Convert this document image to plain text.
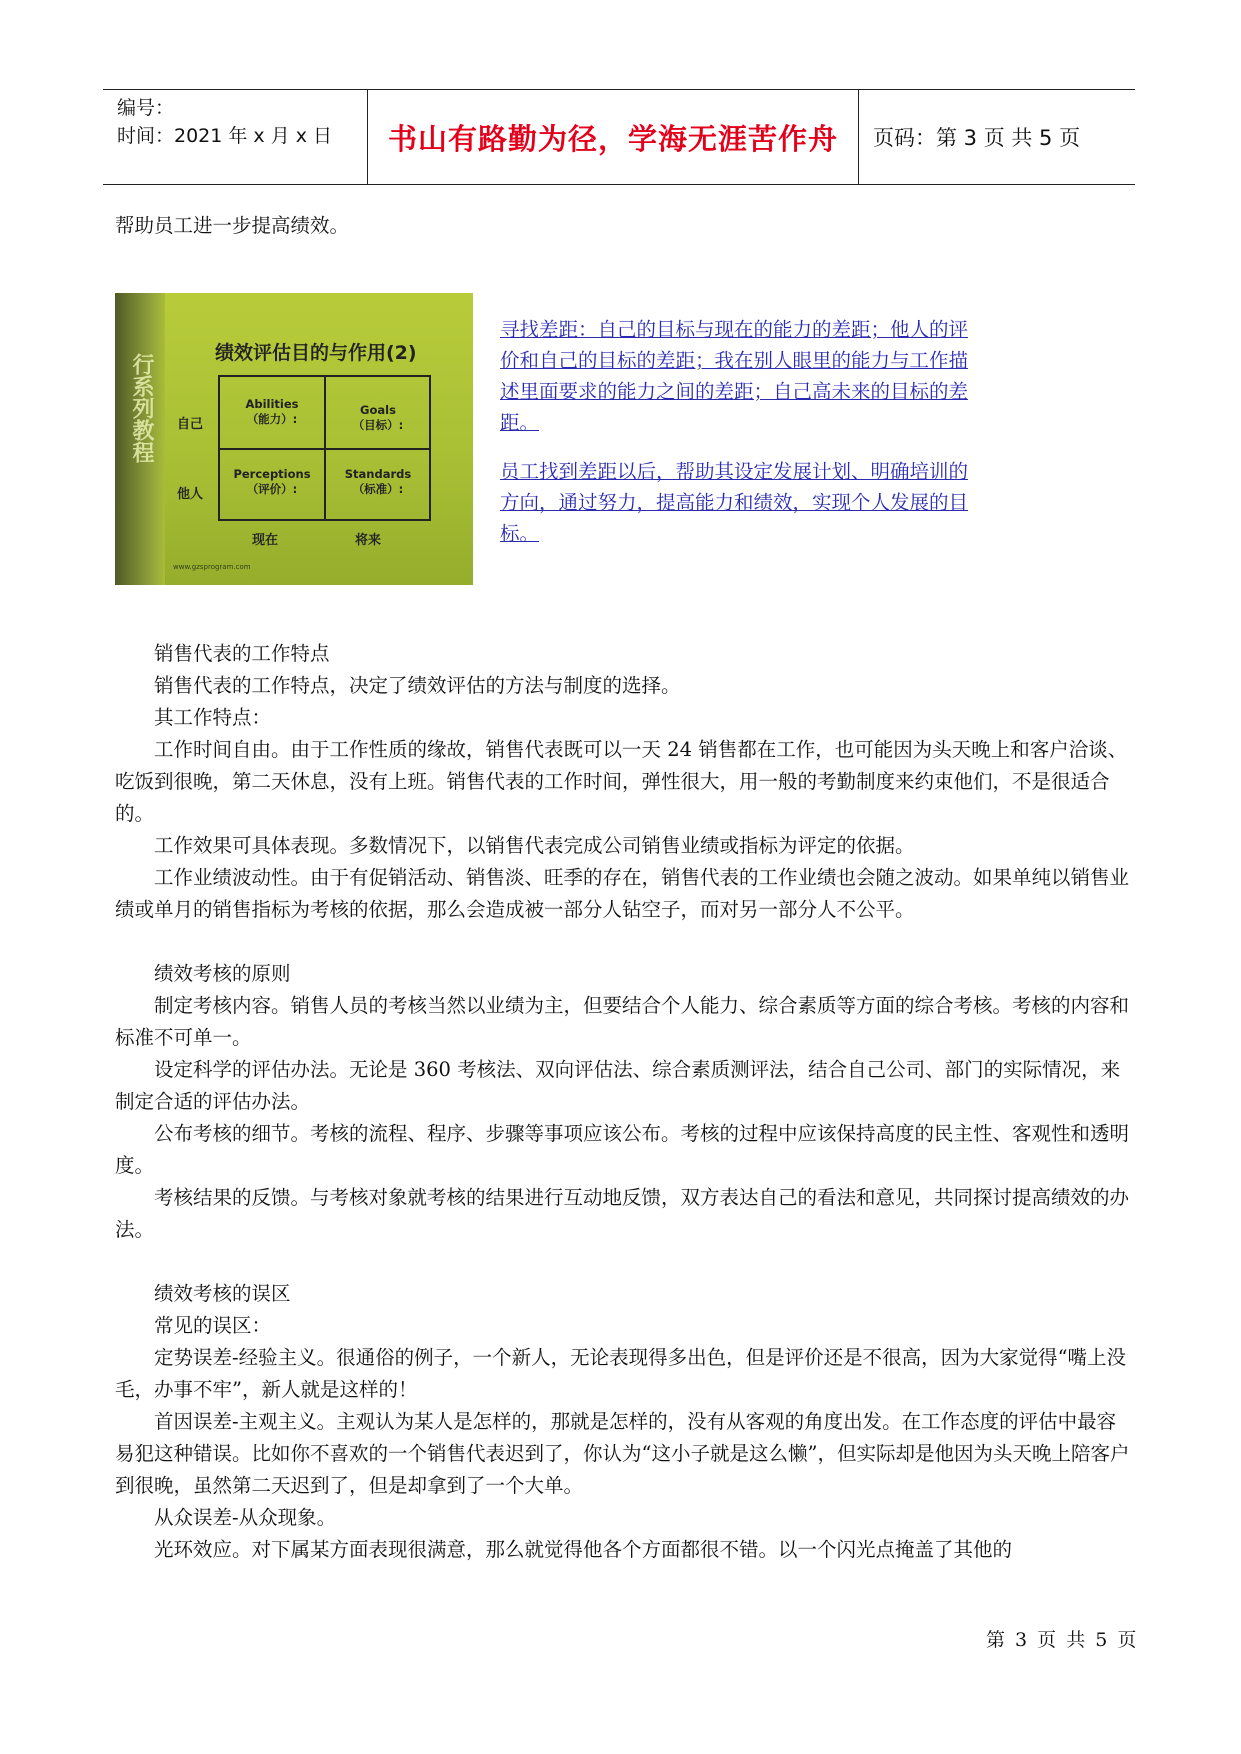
编号：
时间：2021 年 x 月 x 日	书山有路勤为径，学海无涯苦作舟	页码：第 3 页 共 5 页
帮助员工进一步提高绩效。
行系列教程	绩效评估目的与作用(2)
自己
他人
Abilities
（能力）:
Goals
（目标）:
Perceptions
（评价）:
Standards
（标准）:
现在	将来
www.gzsprogram.com
寻找差距：自己的目标与现在的能力的差距；他人的评价和自己的目标的差距；我在别人眼里的能力与工作描述里面要求的能力之间的差距；自己高未来的目标的差距。
员工找到差距以后，帮助其设定发展计划、明确培训的方向，通过努力，提高能力和绩效，实现个人发展的目标。
销售代表的工作特点
销售代表的工作特点，决定了绩效评估的方法与制度的选择。
其工作特点：
工作时间自由。由于工作性质的缘故，销售代表既可以一天 24 销售都在工作，也可能因为头天晚上和客户洽谈、吃饭到很晚，第二天休息，没有上班。销售代表的工作时间，弹性很大，用一般的考勤制度来约束他们，不是很适合的。
工作效果可具体表现。多数情况下，以销售代表完成公司销售业绩或指标为评定的依据。
工作业绩波动性。由于有促销活动、销售淡、旺季的存在，销售代表的工作业绩也会随之波动。如果单纯以销售业绩或单月的销售指标为考核的依据，那么会造成被一部分人钻空子，而对另一部分人不公平。
绩效考核的原则
制定考核内容。销售人员的考核当然以业绩为主，但要结合个人能力、综合素质等方面的综合考核。考核的内容和标准不可单一。
设定科学的评估办法。无论是 360 考核法、双向评估法、综合素质测评法，结合自己公司、部门的实际情况，来制定合适的评估办法。
公布考核的细节。考核的流程、程序、步骤等事项应该公布。考核的过程中应该保持高度的民主性、客观性和透明度。
考核结果的反馈。与考核对象就考核的结果进行互动地反馈，双方表达自己的看法和意见，共同探讨提高绩效的办法。
绩效考核的误区
常见的误区：
定势误差-经验主义。很通俗的例子，一个新人，无论表现得多出色，但是评价还是不很高，因为大家觉得“嘴上没毛，办事不牢”，新人就是这样的！
首因误差-主观主义。主观认为某人是怎样的，那就是怎样的，没有从客观的角度出发。在工作态度的评估中最容易犯这种错误。比如你不喜欢的一个销售代表迟到了，你认为“这小子就是这么懒”，但实际却是他因为头天晚上陪客户到很晚，虽然第二天迟到了，但是却拿到了一个大单。
从众误差-从众现象。
光环效应。对下属某方面表现很满意，那么就觉得他各个方面都很不错。以一个闪光点掩盖了其他的
第 3 页 共 5 页
